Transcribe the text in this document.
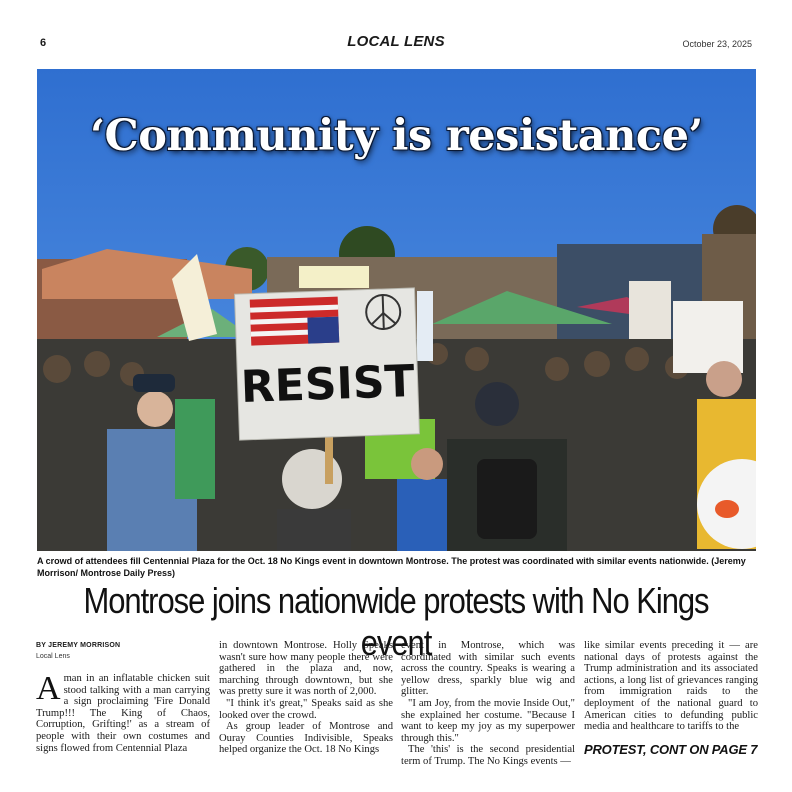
6	LOCAL LENS	October 23, 2025
RESIST
‘Community is resistance’
A crowd of attendees fill Centennial Plaza for the Oct. 18 No Kings event in downtown Montrose. The protest was coordinated with similar events nationwide. (Jeremy Morrison/ Montrose Daily Press)
Montrose joins nationwide protests with No Kings event
BY JEREMY MORRISON
Local Lens
A man in an inflatable chicken suit stood talking with a man carrying a sign proclaiming 'Fire Donald Trump!!! The King of Chaos, Corruption, Grifting!' as a stream of people with their own costumes and signs flowed from Centennial Plaza

in downtown Montrose. Holly Speaks wasn't sure how many people there were gathered in the plaza and, now, marching through downtown, but she was pretty sure it was north of 2,000.

"I think it's great," Speaks said as she looked over the crowd.

As group leader of Montrose and Ouray Counties Indivisible, Speaks helped organize the Oct. 18 No Kings

event in Montrose, which was coordinated with similar such events across the country. Speaks is wearing a yellow dress, sparkly blue wig and glitter.

"I am Joy, from the movie Inside Out," she explained her costume. "Because I want to keep my joy as my superpower through this."

The 'this' is the second presidential term of Trump. The No Kings events —

like similar events preceding it — are national days of protests against the Trump administration and its associated actions, a long list of grievances ranging from immigration raids to the deployment of the national guard to American cities to defunding public media and healthcare to tariffs to the

PROTEST, CONT ON PAGE 7
